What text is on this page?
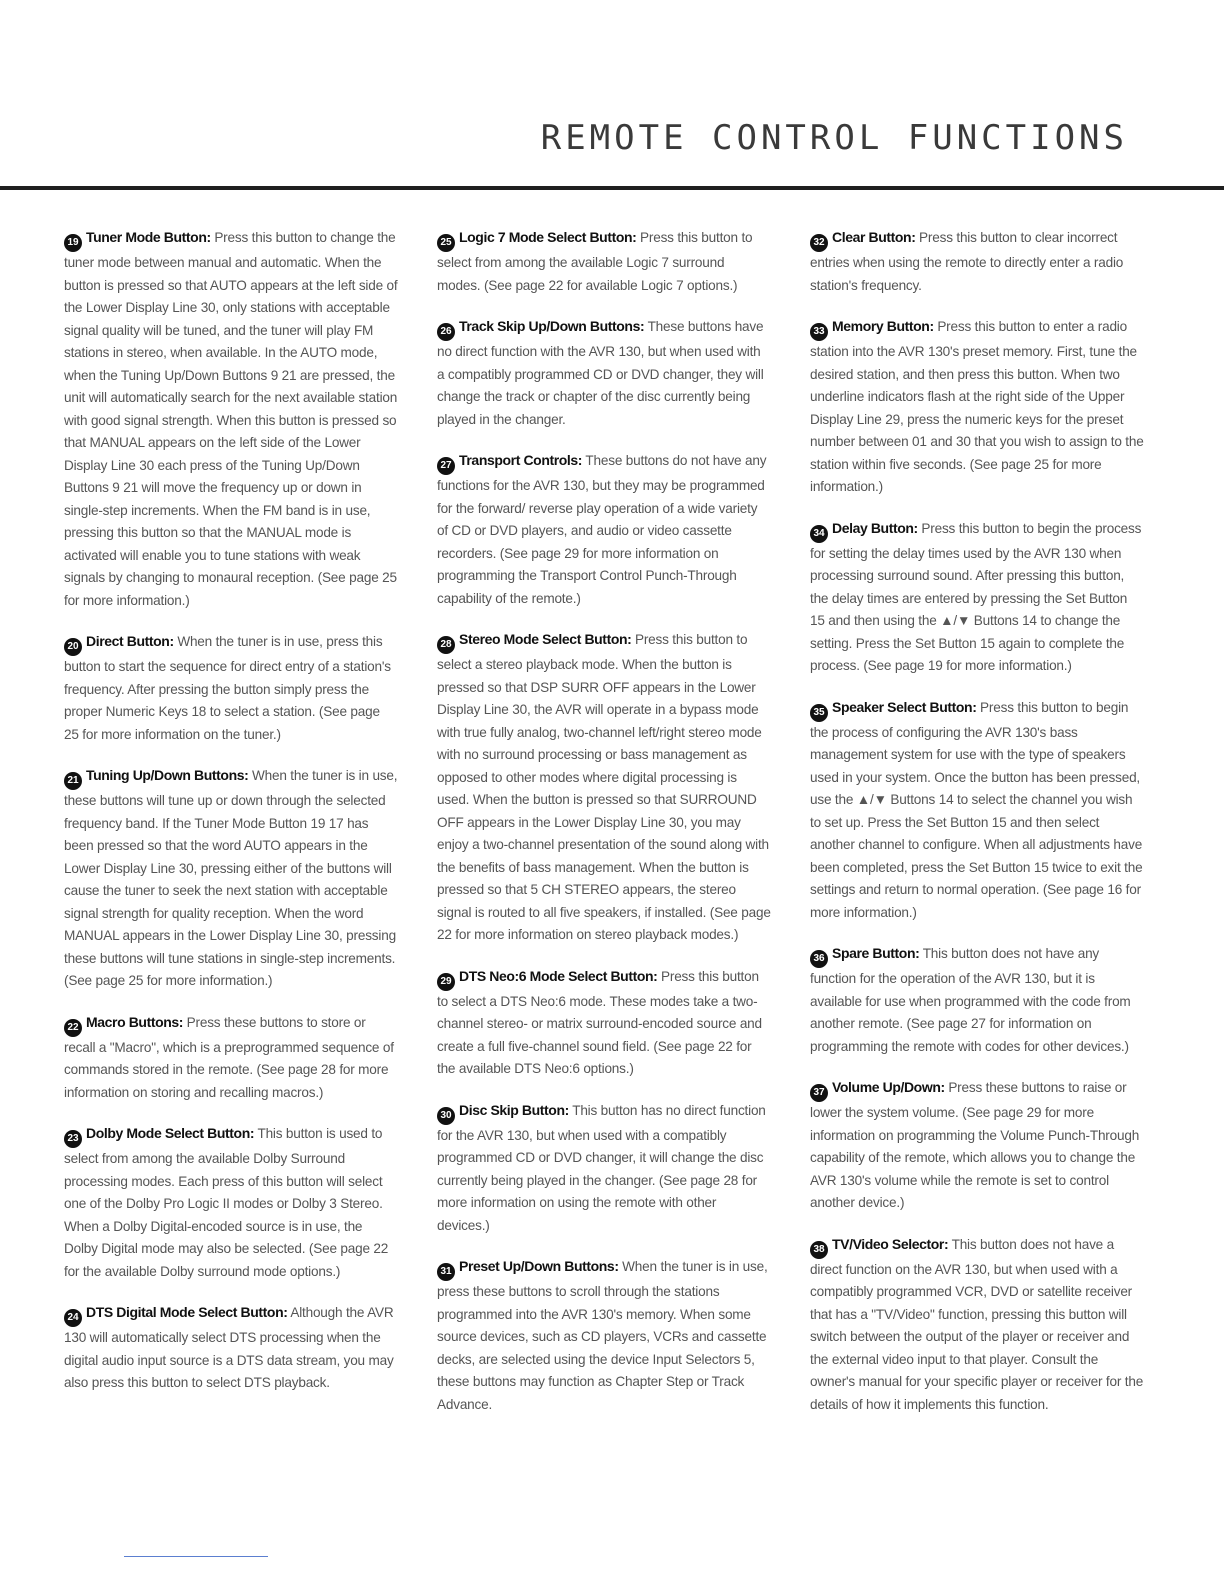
REMOTE CONTROL FUNCTIONS

19 Tuner Mode Button: Press this button to change the tuner mode between manual and automatic. When the button is pressed so that AUTO appears at the left side of the Lower Display Line 30, only stations with acceptable signal quality will be tuned, and the tuner will play FM stations in stereo, when available. In the AUTO mode, when the Tuning Up/Down Buttons 9 21 are pressed, the unit will automatically search for the next available station with good signal strength. When this button is pressed so that MANUAL appears on the left side of the Lower Display Line 30 each press of the Tuning Up/Down Buttons 9 21 will move the frequency up or down in single-step increments. When the FM band is in use, pressing this button so that the MANUAL mode is activated will enable you to tune stations with weak signals by changing to monaural reception. (See page 25 for more information.)

20 Direct Button: When the tuner is in use, press this button to start the sequence for direct entry of a station's frequency. After pressing the button simply press the proper Numeric Keys 18 to select a station. (See page 25 for more information on the tuner.)

21 Tuning Up/Down Buttons: When the tuner is in use, these buttons will tune up or down through the selected frequency band. If the Tuner Mode Button 19 17 has been pressed so that the word AUTO appears in the Lower Display Line 30, pressing either of the buttons will cause the tuner to seek the next station with acceptable signal strength for quality reception. When the word MANUAL appears in the Lower Display Line 30, pressing these buttons will tune stations in single-step increments. (See page 25 for more information.)

22 Macro Buttons: Press these buttons to store or recall a "Macro", which is a preprogrammed sequence of commands stored in the remote. (See page 28 for more information on storing and recalling macros.)

23 Dolby Mode Select Button: This button is used to select from among the available Dolby Surround processing modes. Each press of this button will select one of the Dolby Pro Logic II modes or Dolby 3 Stereo. When a Dolby Digital-encoded source is in use, the Dolby Digital mode may also be selected. (See page 22 for the available Dolby surround mode options.)

24 DTS Digital Mode Select Button: Although the AVR 130 will automatically select DTS processing when the digital audio input source is a DTS data stream, you may also press this button to select DTS playback.

25 Logic 7 Mode Select Button: Press this button to select from among the available Logic 7 surround modes. (See page 22 for available Logic 7 options.)

26 Track Skip Up/Down Buttons: These buttons have no direct function with the AVR 130, but when used with a compatibly programmed CD or DVD changer, they will change the track or chapter of the disc currently being played in the changer.

27 Transport Controls: These buttons do not have any functions for the AVR 130, but they may be programmed for the forward/ reverse play operation of a wide variety of CD or DVD players, and audio or video cassette recorders. (See page 29 for more information on programming the Transport Control Punch-Through capability of the remote.)

28 Stereo Mode Select Button: Press this button to select a stereo playback mode. When the button is pressed so that DSP SURR OFF appears in the Lower Display Line 30, the AVR will operate in a bypass mode with true fully analog, two-channel left/right stereo mode with no surround processing or bass management as opposed to other modes where digital processing is used. When the button is pressed so that SURROUND OFF appears in the Lower Display Line 30, you may enjoy a two-channel presentation of the sound along with the benefits of bass management. When the button is pressed so that 5 CH STEREO appears, the stereo signal is routed to all five speakers, if installed. (See page 22 for more information on stereo playback modes.)

29 DTS Neo:6 Mode Select Button: Press this button to select a DTS Neo:6 mode. These modes take a two-channel stereo- or matrix surround-encoded source and create a full five-channel sound field. (See page 22 for the available DTS Neo:6 options.)

30 Disc Skip Button: This button has no direct function for the AVR 130, but when used with a compatibly programmed CD or DVD changer, it will change the disc currently being played in the changer. (See page 28 for more information on using the remote with other devices.)

31 Preset Up/Down Buttons: When the tuner is in use, press these buttons to scroll through the stations programmed into the AVR 130's memory. When some source devices, such as CD players, VCRs and cassette decks, are selected using the device Input Selectors 5, these buttons may function as Chapter Step or Track Advance.

32 Clear Button: Press this button to clear incorrect entries when using the remote to directly enter a radio station's frequency.

33 Memory Button: Press this button to enter a radio station into the AVR 130's preset memory. First, tune the desired station, and then press this button. When two underline indicators flash at the right side of the Upper Display Line 29, press the numeric keys for the preset number between 01 and 30 that you wish to assign to the station within five seconds. (See page 25 for more information.)

34 Delay Button: Press this button to begin the process for setting the delay times used by the AVR 130 when processing surround sound. After pressing this button, the delay times are entered by pressing the Set Button 15 and then using the ▲/▼ Buttons 14 to change the setting. Press the Set Button 15 again to complete the process. (See page 19 for more information.)

35 Speaker Select Button: Press this button to begin the process of configuring the AVR 130's bass management system for use with the type of speakers used in your system. Once the button has been pressed, use the ▲/▼ Buttons 14 to select the channel you wish to set up. Press the Set Button 15 and then select another channel to configure. When all adjustments have been completed, press the Set Button 15 twice to exit the settings and return to normal operation. (See page 16 for more information.)

36 Spare Button: This button does not have any function for the operation of the AVR 130, but it is available for use when programmed with the code from another remote. (See page 27 for information on programming the remote with codes for other devices.)

37 Volume Up/Down: Press these buttons to raise or lower the system volume. (See page 29 for more information on programming the Volume Punch-Through capability of the remote, which allows you to change the AVR 130's volume while the remote is set to control another device.)

38 TV/Video Selector: This button does not have a direct function on the AVR 130, but when used with a compatibly programmed VCR, DVD or satellite receiver that has a "TV/Video" function, pressing this button will switch between the output of the player or receiver and the external video input to that player. Consult the owner's manual for your specific player or receiver for the details of how it implements this function.
